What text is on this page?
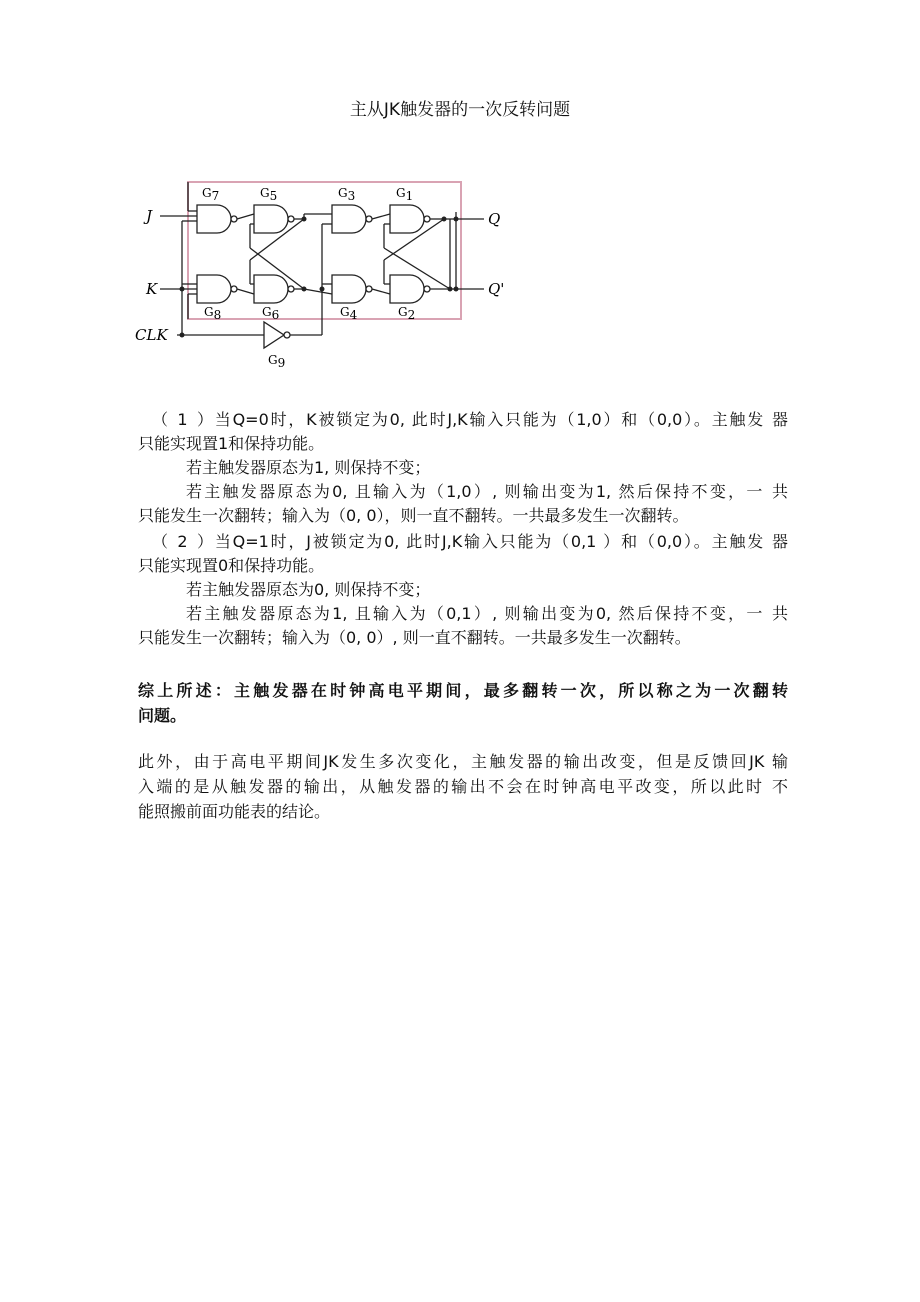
主从JK触发器的一次反转问题
J
K
CLK
Q
Q'
G7	G5	G3	G1
G8	G6	G4	G2
G9
（1）当Q=0时，K被锁定为0, 此时J,K输入只能为（1,0）和（0,0）。主触发 器
只能实现置1和保持功能。
若主触发器原态为1, 则保持不变；
若主触发器原态为0, 且输入为（1,0）, 则输出变为1, 然后保持不变，一 共
只能发生一次翻转；输入为（0, 0），则一直不翻转。一共最多发生一次翻转。
（2）当Q=1时，J被锁定为0, 此时J,K输入只能为（0,1 ）和（0,0）。主触发 器
只能实现置0和保持功能。
若主触发器原态为0, 则保持不变；
若主触发器原态为1, 且输入为（0,1）, 则输出变为0, 然后保持不变，一 共
只能发生一次翻转；输入为（0, 0）, 则一直不翻转。一共最多发生一次翻转。
综上所述：主触发器在时钟高电平期间，最多翻转一次，所以称之为一次翻转
问题。
此外，由于高电平期间JK发生多次变化，主触发器的输出改变，但是反馈回JK 输
入端的是从触发器的输出，从触发器的输出不会在时钟高电平改变，所以此时 不
能照搬前面功能表的结论。
